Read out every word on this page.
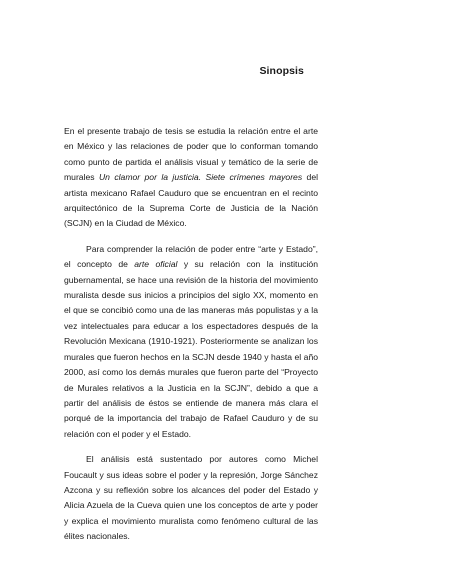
Sinopsis

En el presente trabajo de tesis se estudia la relación entre el arte en México y las relaciones de poder que lo conforman tomando como punto de partida el análisis visual y temático de la serie de murales Un clamor por la justicia. Siete crímenes mayores del artista mexicano Rafael Cauduro que se encuentran en el recinto arquitectónico de la Suprema Corte de Justicia de la Nación (SCJN) en la Ciudad de México.

Para comprender la relación de poder entre “arte y Estado”, el concepto de arte oficial y su relación con la institución gubernamental, se hace una revisión de la historia del movimiento muralista desde sus inicios a principios del siglo XX, momento en el que se concibió como una de las maneras más populistas y a la vez intelectuales para educar a los espectadores después de la Revolución Mexicana (1910-1921). Posteriormente se analizan los murales que fueron hechos en la SCJN desde 1940 y hasta el año 2000, así como los demás murales que fueron parte del “Proyecto de Murales relativos a la Justicia en la SCJN”, debido a que a partir del análisis de éstos se entiende de manera más clara el porqué de la importancia del trabajo de Rafael Cauduro y de su relación con el poder y el Estado.

El análisis está sustentado por autores como Michel Foucault y sus ideas sobre el poder y la represión, Jorge Sánchez Azcona y su reflexión sobre los alcances del poder del Estado y Alicia Azuela de la Cueva quien une los conceptos de arte y poder y explica el movimiento muralista como fenómeno cultural de las élites nacionales.
